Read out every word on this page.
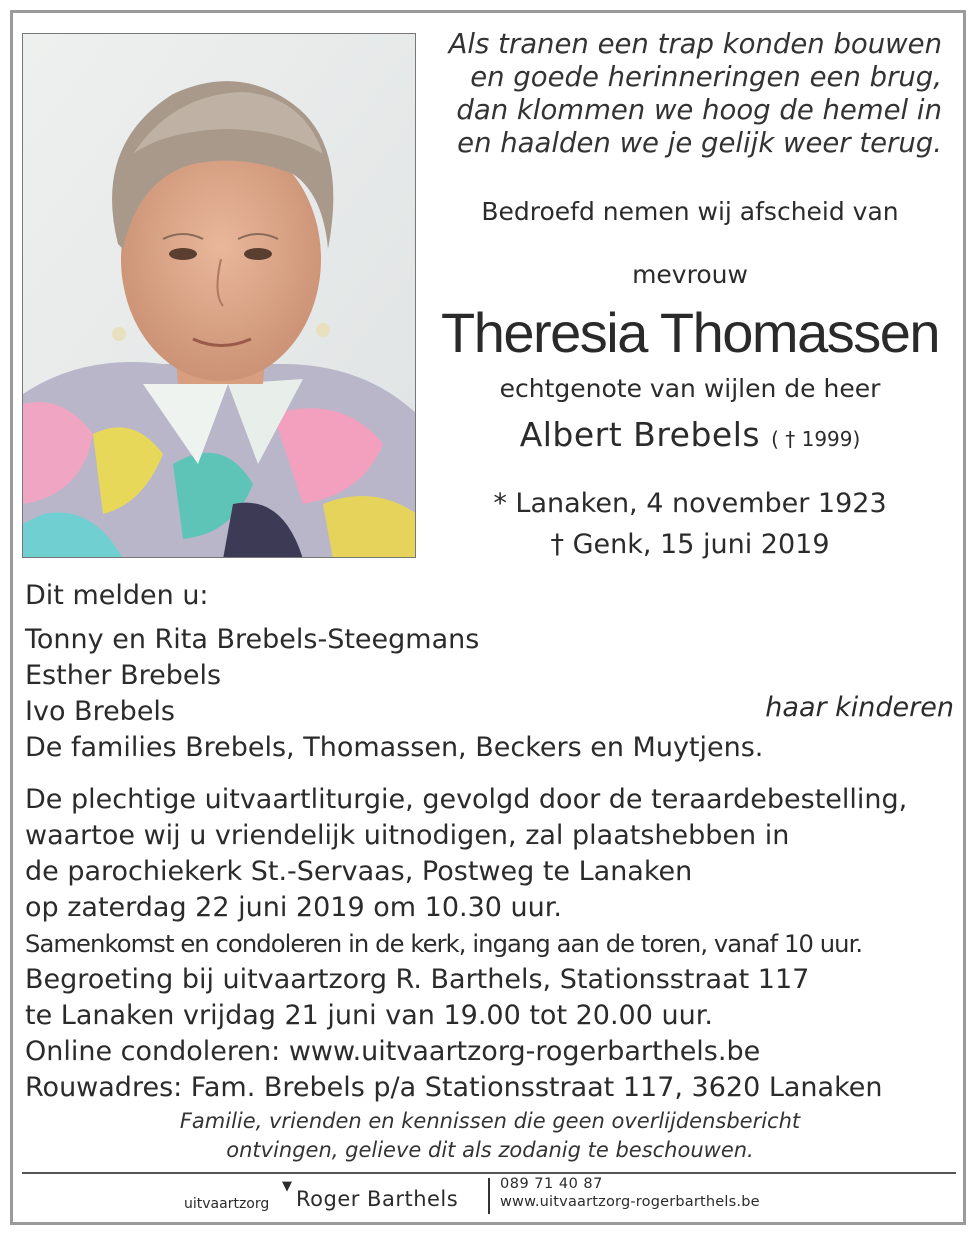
Als tranen een trap konden bouwen
en goede herinneringen een brug,
dan klommen we hoog de hemel in
en haalden we je gelijk weer terug.
Bedroefd nemen wij afscheid van
mevrouw
Theresia Thomassen
echtgenote van wijlen de heer
Albert Brebels ( † 1999)
* Lanaken, 4 november 1923
† Genk, 15 juni 2019
Dit melden u:
Tonny en Rita Brebels-Steegmans
Esther Brebels
Ivo Brebels
De families Brebels, Thomassen, Beckers en Muytjens.
haar kinderen
De plechtige uitvaartliturgie, gevolgd door de teraardebestelling,
waartoe wij u vriendelijk uitnodigen, zal plaatshebben in
de parochiekerk St.-Servaas, Postweg te Lanaken
op zaterdag 22 juni 2019 om 10.30 uur.
Samenkomst en condoleren in de kerk, ingang aan de toren, vanaf 10 uur.
Begroeting bij uitvaartzorg R. Barthels, Stationsstraat 117
te Lanaken vrijdag 21 juni van 19.00 tot 20.00 uur.
Online condoleren: www.uitvaartzorg-rogerbarthels.be
Rouwadres: Fam. Brebels p/a Stationsstraat 117, 3620 Lanaken
Familie, vrienden en kennissen die geen overlijdensbericht
ontvingen, gelieve dit als zodanig te beschouwen.
uitvaartzorg
▼
Roger Barthels
089 71 40 87
www.uitvaartzorg-rogerbarthels.be
